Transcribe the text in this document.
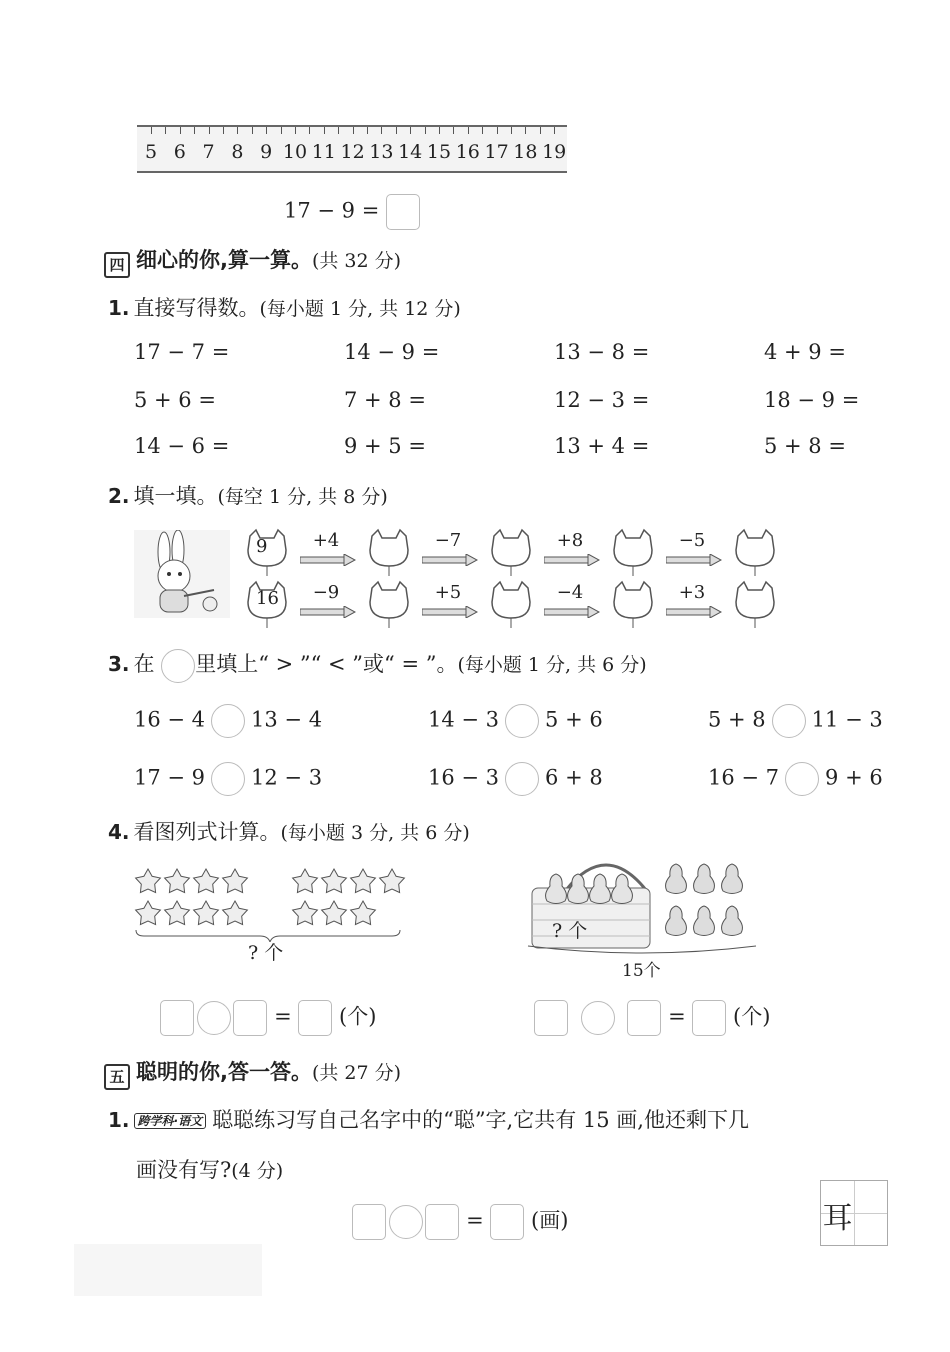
5 6 7 8 9 10 11 12 13 14 15 16 17 18 19
17 − 9 =
四 细心的你,算一算。(共 32 分)
1. 直接写得数。(每小题 1 分, 共 12 分)
17 − 7 =	14 − 9 =	13 − 8 =	4 + 9 =
5 + 6 =	7 + 8 =	12 − 3 =	18 − 9 =
14 − 6 =	9 + 5 =	13 + 4 =	5 + 8 =
2. 填一填。(每空 1 分, 共 8 分)
9	+4	−7	+8	−5
16	−9	+5	−4	+3
3. 在 里填上“ > ”“ < ”或“ = ”。(每小题 1 分, 共 6 分)
16 − 4 13 − 4	14 − 3 5 + 6	5 + 8 11 − 3
17 − 9 12 − 3	16 − 3 6 + 8	16 − 7 9 + 6
4. 看图列式计算。(每小题 3 分, 共 6 分)
? 个
? 个
15个
= (个)	= (个)
五 聪明的你,答一答。(共 27 分)
1. 跨学科·语文 聪聪练习写自己名字中的“聪”字,它共有 15 画,他还剩下几
画没有写?(4 分)
= (画)	耳
